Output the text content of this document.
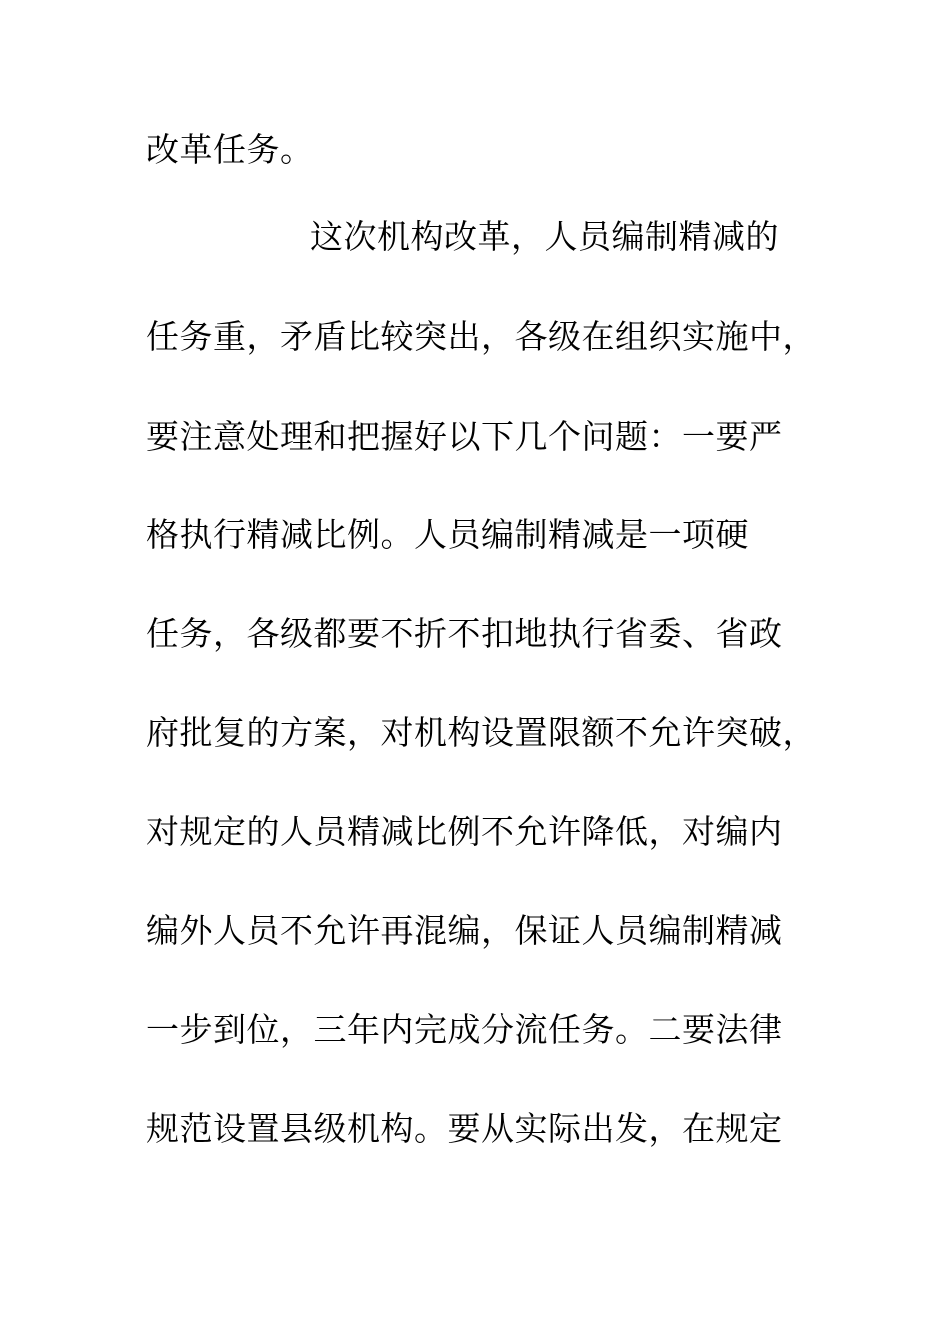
改革任务。
这次机构改革，人员编制精减的
任务重，矛盾比较突出，各级在组织实施中，
要注意处理和把握好以下几个问题：一要严
格执行精减比例。人员编制精减是一项硬
任务，各级都要不折不扣地执行省委、省政
府批复的方案，对机构设置限额不允许突破，
对规定的人员精减比例不允许降低，对编内
编外人员不允许再混编，保证人员编制精减
一步到位，三年内完成分流任务。二要法律
规范设置县级机构。要从实际出发，在规定
